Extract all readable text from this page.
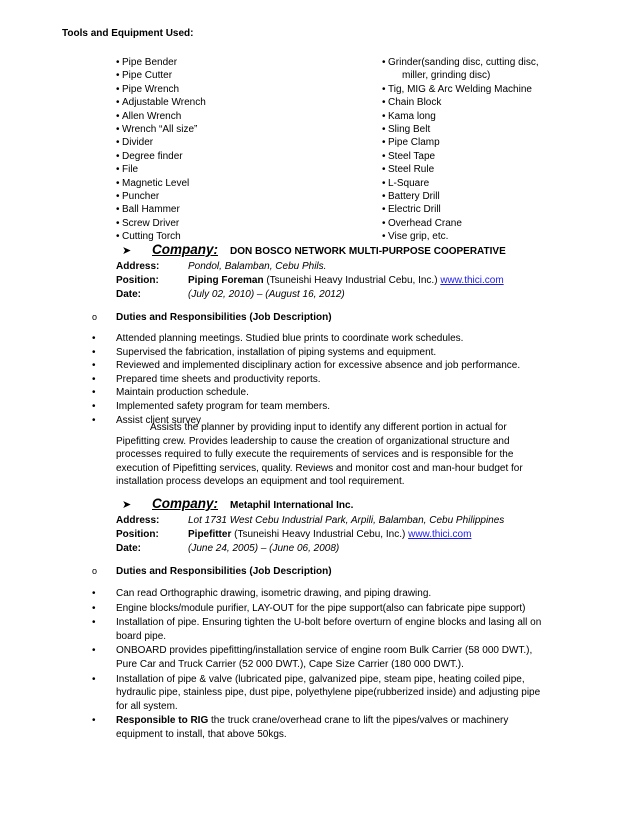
Tools and Equipment Used:
• Pipe Bender
• Pipe Cutter
• Pipe Wrench
• Adjustable Wrench
• Allen Wrench
• Wrench “All size”
• Divider
• Degree finder
• File
• Magnetic Level
• Puncher
• Ball Hammer
• Screw Driver
• Cutting Torch
• Grinder(sanding disc, cutting disc,
miller, grinding disc)
• Tig, MIG & Arc Welding Machine
• Chain Block
• Kama long
• Sling Belt
• Pipe Clamp
• Steel Tape
• Steel Rule
• L-Square
• Battery Drill
• Electric Drill
• Overhead Crane
• Vise grip, etc.
➤ Company: DON BOSCO NETWORK MULTI-PURPOSE COOPERATIVE
Address:	Pondol, Balamban, Cebu Phils.
Position:	Piping Foreman (Tsuneishi Heavy Industrial Cebu, Inc.) www.thici.com
Date:	(July 02, 2010) – (August 16, 2012)
o Duties and Responsibilities (Job Description)
• Attended planning meetings. Studied blue prints to coordinate work schedules.
• Supervised the fabrication, installation of piping systems and equipment.
• Reviewed and implemented disciplinary action for excessive absence and job performance.
• Prepared time sheets and productivity reports.
• Maintain production schedule.
• Implemented safety program for team members.
• Assist client survey
Assists the planner by providing input to identify any different portion in actual for
Pipefitting crew. Provides leadership to cause the creation of organizational structure and
processes required to fully execute the requirements of services and is responsible for the
execution of Pipefitting services, quality. Reviews and monitor cost and man-hour budget for
installation process develops an equipment and tool requirement.
➤ Company: Metaphil International Inc.
Address:	Lot 1731 West Cebu Industrial Park, Arpili, Balamban, Cebu Philippines
Position:	Pipefitter (Tsuneishi Heavy Industrial Cebu, Inc.) www.thici.com
Date:	(June 24, 2005) – (June 06, 2008)
o Duties and Responsibilities (Job Description)
• Can read Orthographic drawing, isometric drawing, and piping drawing.
• Engine blocks/module purifier, LAY-OUT for the pipe support(also can fabricate pipe support)
• Installation of pipe. Ensuring tighten the U-bolt before overturn of engine blocks and lasing all on
board pipe.
• ONBOARD provides pipefitting/installation service of engine room Bulk Carrier (58 000 DWT.),
Pure Car and Truck Carrier (52 000 DWT.), Cape Size Carrier (180 000 DWT.).
• Installation of pipe & valve (lubricated pipe, galvanized pipe, steam pipe, heating coiled pipe,
hydraulic pipe, stainless pipe, dust pipe, polyethylene pipe(rubberized inside) and adjusting pipe
for all system.
• Responsible to RIG the truck crane/overhead crane to lift the pipes/valves or machinery
equipment to install, that above 50kgs.
